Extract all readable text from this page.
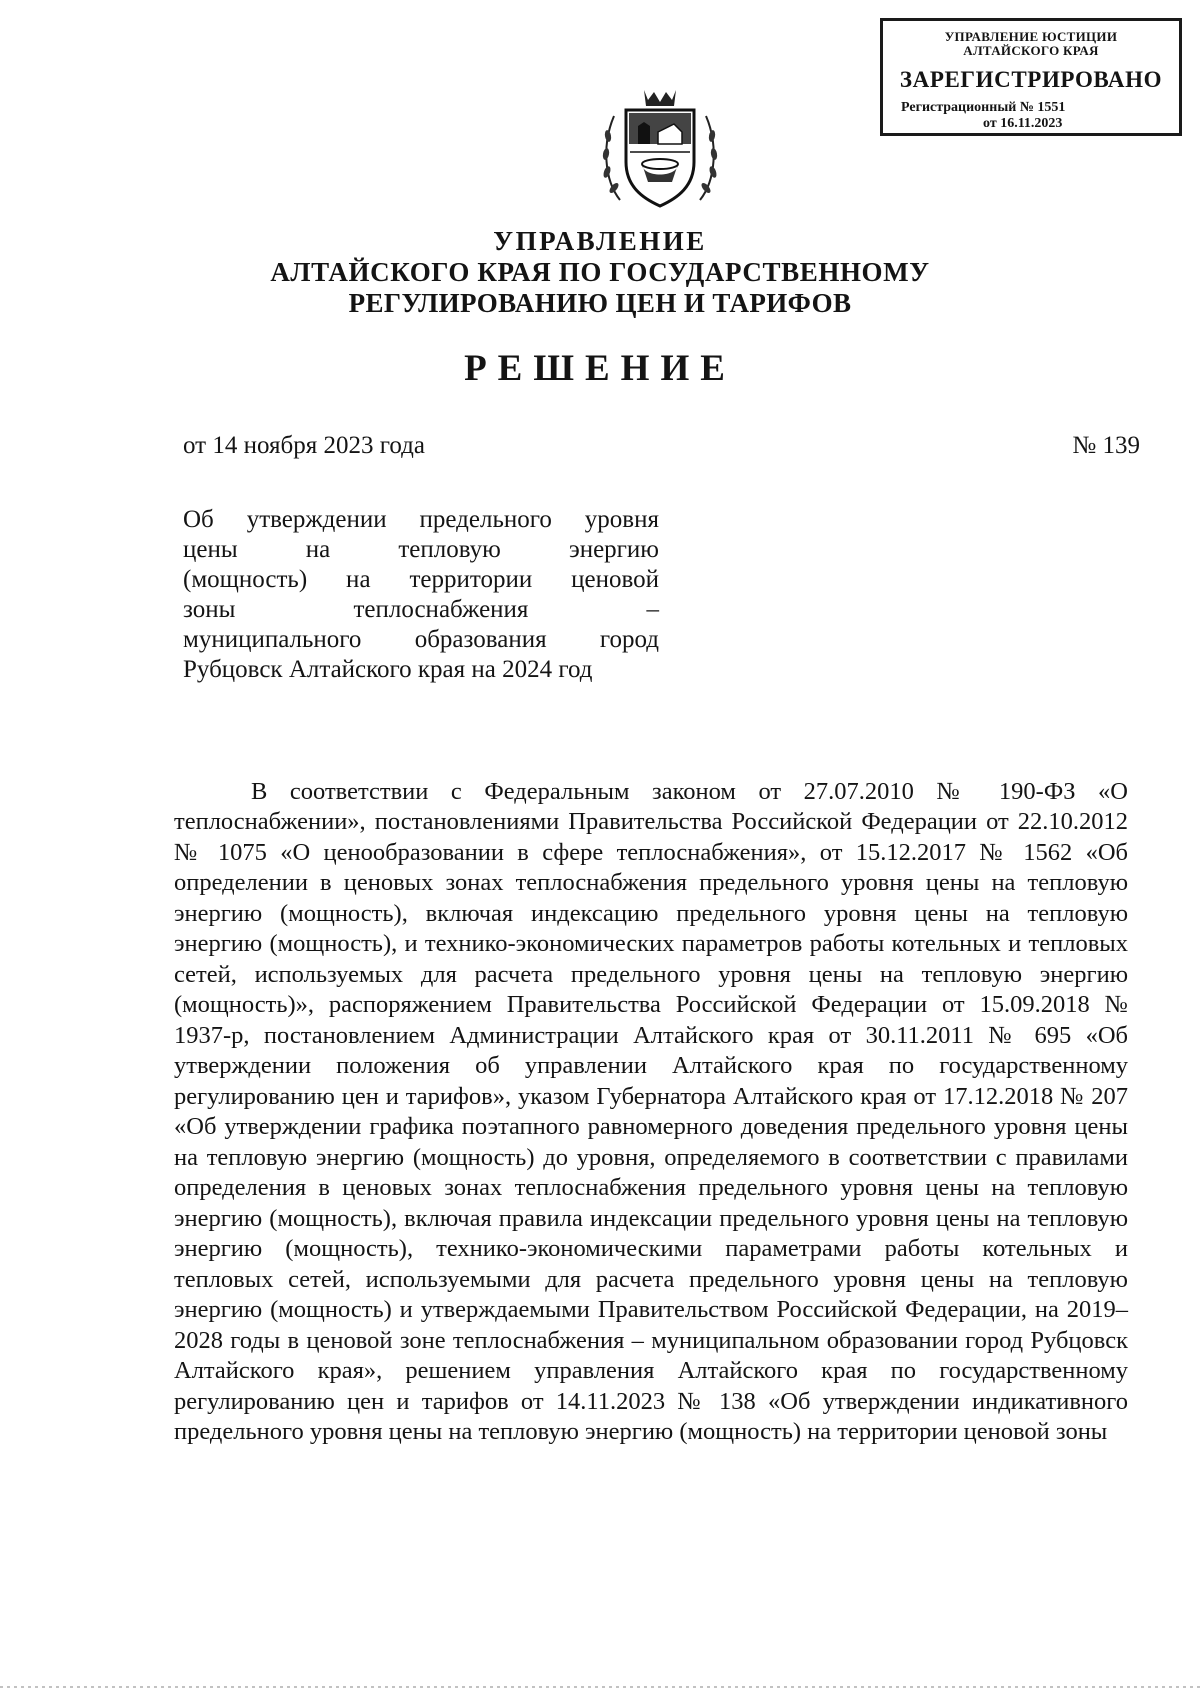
УПРАВЛЕНИЕ ЮСТИЦИИ
АЛТАЙСКОГО КРАЯ
ЗАРЕГИСТРИРОВАНО
Регистрационный № 1551
от 16.11.2023
УПРАВЛЕНИЕ
АЛТАЙСКОГО КРАЯ ПО ГОСУДАРСТВЕННОМУ
РЕГУЛИРОВАНИЮ ЦЕН И ТАРИФОВ
РЕШЕНИЕ
от 14 ноября 2023 года	№ 139
Об утверждении предельного уровня
цены на тепловую энергию
(мощность) на территории ценовой
зоны теплоснабжения –
муниципального образования город
Рубцовск Алтайского края на 2024 год

В соответствии с Федеральным законом от 27.07.2010 № 190-ФЗ «О теплоснабжении», постановлениями Правительства Российской Федерации от 22.10.2012 № 1075 «О ценообразовании в сфере теплоснабжения», от 15.12.2017 № 1562 «Об определении в ценовых зонах теплоснабжения предельного уровня цены на тепловую энергию (мощность), включая индексацию предельного уровня цены на тепловую энергию (мощность), и технико-экономических параметров работы котельных и тепловых сетей, используемых для расчета предельного уровня цены на тепловую энергию (мощность)», распоряжением Правительства Российской Федерации от 15.09.2018 № 1937-р, постановлением Администрации Алтайского края от 30.11.2011 № 695 «Об утверждении положения об управлении Алтайского края по государственному регулированию цен и тарифов», указом Губернатора Алтайского края от 17.12.2018 № 207 «Об утверждении графика поэтапного равномерного доведения предельного уровня цены на тепловую энергию (мощность) до уровня, определяемого в соответствии с правилами определения в ценовых зонах теплоснабжения предельного уровня цены на тепловую энергию (мощность), включая правила индексации предельного уровня цены на тепловую энергию (мощность), технико-экономическими параметрами работы котельных и тепловых сетей, используемыми для расчета предельного уровня цены на тепловую энергию (мощность) и утверждаемыми Правительством Российской Федерации, на 2019–2028 годы в ценовой зоне теплоснабжения – муниципальном образовании город Рубцовск Алтайского края», решением управления Алтайского края по государственному регулированию цен и тарифов от 14.11.2023 № 138 «Об утверждении индикативного предельного уровня цены на тепловую энергию (мощность) на территории ценовой зоны
